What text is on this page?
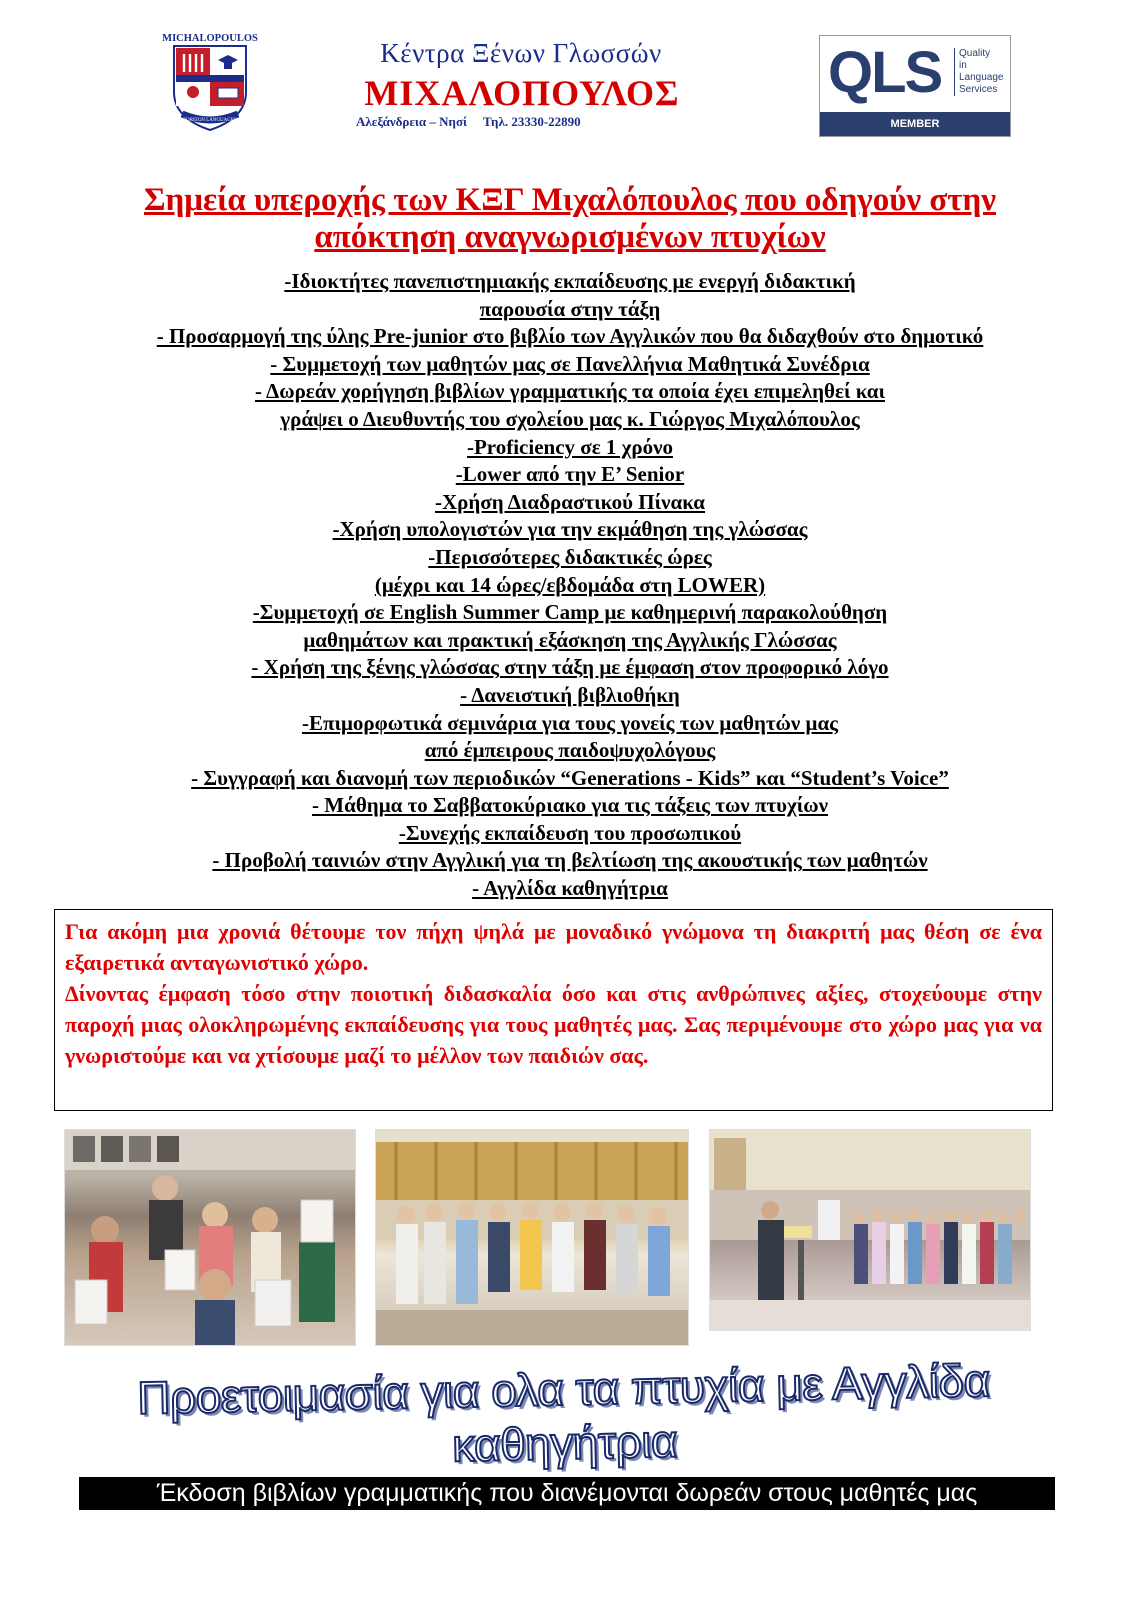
MICHALOPOULOS
FOREIGN LANGUAGES
Κέντρα Ξένων Γλωσσών
ΜΙΧΑΛΟΠΟΥΛΟΣ
Αλεξάνδρεια – Νησί     Τηλ. 23330-22890
QLS Quality
in
Language
Services
MEMBER
Σημεία υπεροχής των ΚΞΓ Μιχαλόπουλος που οδηγούν στην
απόκτηση αναγνωρισμένων πτυχίων
-Ιδιοκτήτες πανεπιστημιακής εκπαίδευσης με ενεργή διδακτική
παρουσία στην τάξη
- Προσαρμογή της ύλης Pre-junior στο βιβλίο των Αγγλικών που θα διδαχθούν στο δημοτικό
- Συμμετοχή των μαθητών μας σε Πανελλήνια Μαθητικά Συνέδρια
- Δωρεάν χορήγηση βιβλίων γραμματικής τα οποία έχει επιμεληθεί και
γράψει ο Διευθυντής του σχολείου μας κ. Γιώργος Μιχαλόπουλος
-Proficiency σε 1 χρόνο
-Lower από την Ε’ Senior
-Χρήση Διαδραστικού Πίνακα
-Χρήση υπολογιστών για την εκμάθηση της γλώσσας
-Περισσότερες διδακτικές ώρες
(μέχρι και 14 ώρες/εβδομάδα στη LOWER)
-Συμμετοχή σε English Summer Camp με καθημερινή παρακολούθηση
μαθημάτων και πρακτική εξάσκηση της Αγγλικής Γλώσσας
- Χρήση της ξένης γλώσσας στην τάξη με έμφαση στον προφορικό λόγο
- Δανειστική βιβλιοθήκη
-Επιμορφωτικά σεμινάρια για τους γονείς των μαθητών μας
από έμπειρους παιδοψυχολόγους
- Συγγραφή και διανομή των περιοδικών “Generations - Kids” και “Student’s Voice”
- Μάθημα το Σαββατοκύριακο για τις τάξεις των πτυχίων
-Συνεχής εκπαίδευση του προσωπικού
- Προβολή ταινιών στην Αγγλική για τη βελτίωση της ακουστικής των μαθητών
- Αγγλίδα καθηγήτρια

Για ακόμη μια χρονιά θέτουμε τον πήχη ψηλά με μοναδικό γνώμονα τη διακριτή μας θέση σε ένα εξαιρετικά ανταγωνιστικό χώρο.

Δίνοντας έμφαση τόσο στην ποιοτική διδασκαλία όσο και στις ανθρώπινες αξίες, στοχεύουμε στην παροχή μιας ολοκληρωμένης εκπαίδευσης για τους μαθητές μας. Σας περιμένουμε στο χώρο μας για να γνωριστούμε και να χτίσουμε μαζί το μέλλον των παιδιών σας.

Προετοιμασία για ολα τα πτυχία με Αγγλίδα καθηγήτρια
Έκδοση βιβλίων γραμματικής που διανέμονται δωρεάν στους μαθητές μας
